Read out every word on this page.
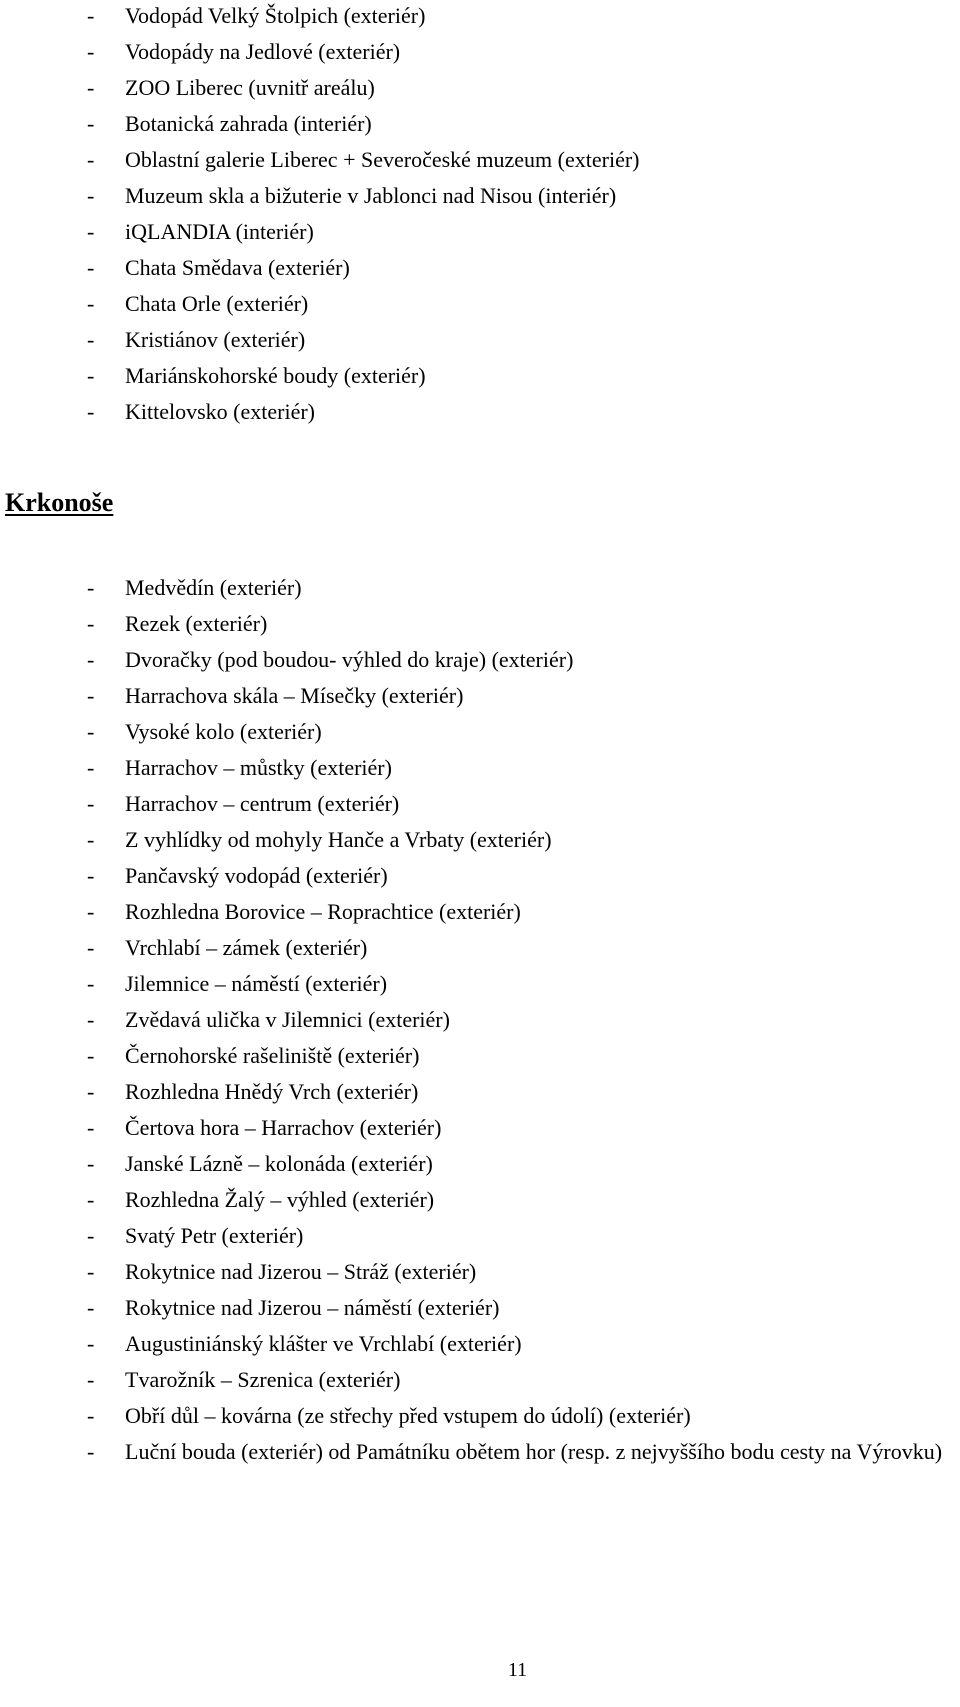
- Vodopád Velký Štolpich (exteriér)
- Vodopády na Jedlové (exteriér)
- ZOO Liberec (uvnitř areálu)
- Botanická zahrada (interiér)
- Oblastní galerie Liberec + Severočeské muzeum (exteriér)
- Muzeum skla a bižuterie v Jablonci nad Nisou (interiér)
- iQLANDIA (interiér)
- Chata Smědava (exteriér)
- Chata Orle (exteriér)
- Kristiánov (exteriér)
- Mariánskohorské boudy (exteriér)
- Kittelovsko (exteriér)
Krkonoše
- Medvědín (exteriér)
- Rezek (exteriér)
- Dvoračky (pod boudou- výhled do kraje) (exteriér)
- Harrachova skála – Mísečky (exteriér)
- Vysoké kolo (exteriér)
- Harrachov – můstky (exteriér)
- Harrachov – centrum (exteriér)
- Z vyhlídky od mohyly Hanče a Vrbaty (exteriér)
- Pančavský vodopád (exteriér)
- Rozhledna Borovice – Roprachtice (exteriér)
- Vrchlabí – zámek (exteriér)
- Jilemnice – náměstí (exteriér)
- Zvědavá ulička v Jilemnici (exteriér)
- Černohorské rašeliniště (exteriér)
- Rozhledna Hnědý Vrch (exteriér)
- Čertova hora – Harrachov (exteriér)
- Janské Lázně – kolonáda (exteriér)
- Rozhledna Žalý – výhled (exteriér)
- Svatý Petr (exteriér)
- Rokytnice nad Jizerou – Stráž (exteriér)
- Rokytnice nad Jizerou – náměstí (exteriér)
- Augustiniánský klášter ve Vrchlabí (exteriér)
- Tvarožník – Szrenica (exteriér)
- Obří důl – kovárna (ze střechy před vstupem do údolí) (exteriér)
- Luční bouda (exteriér) od Památníku obětem hor (resp. z nejvyššího bodu cesty na Výrovku)
11
